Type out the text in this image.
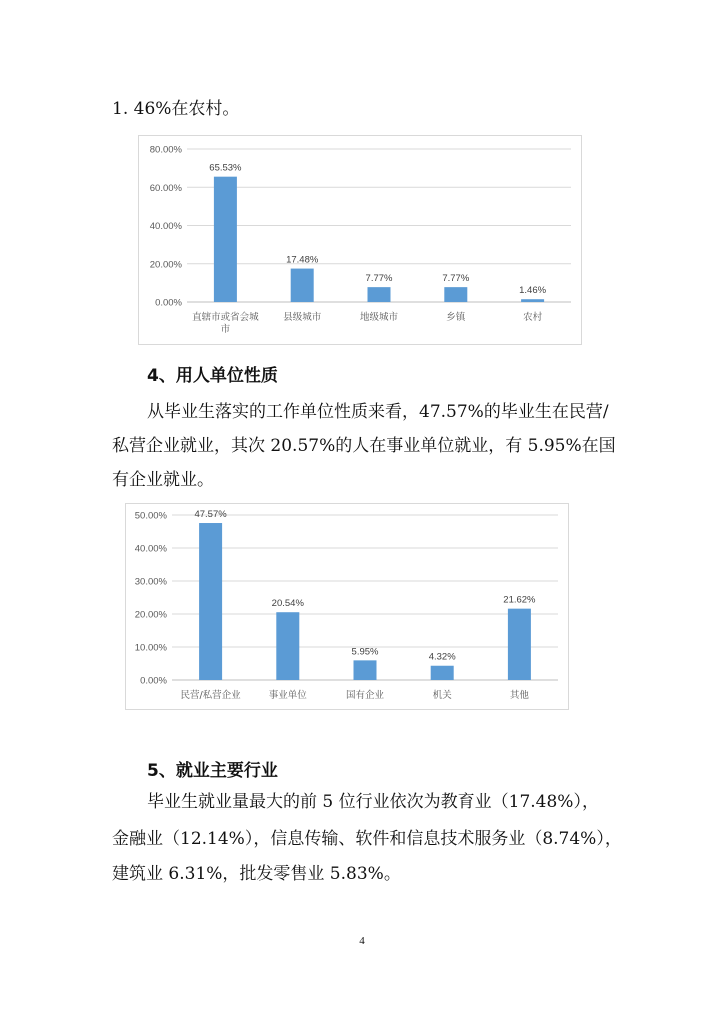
1. 46%在农村。

0.00%
20.00%
40.00%
60.00%
80.00%
65.53%
直辖市或省会城
市
17.48%
县级城市
7.77%
地级城市
7.77%
乡镇
1.46%
农村
4、用人单位性质

从毕业生落实的工作单位性质来看，47.57%的毕业生在民营/

私营企业就业，其次 20.57%的人在事业单位就业，有 5.95%在国

有企业就业。

0.00%
10.00%
20.00%
30.00%
40.00%
50.00%	47.57%
民营/私营企业
20.54%
事业单位
5.95%
国有企业
4.32%
机关
21.62%
其他
5、就业主要行业

毕业生就业量最大的前 5 位行业依次为教育业（17.48%），

金融业（12.14%），信息传输、软件和信息技术服务业（8.74%），

建筑业 6.31%，批发零售业 5.83%。

4
